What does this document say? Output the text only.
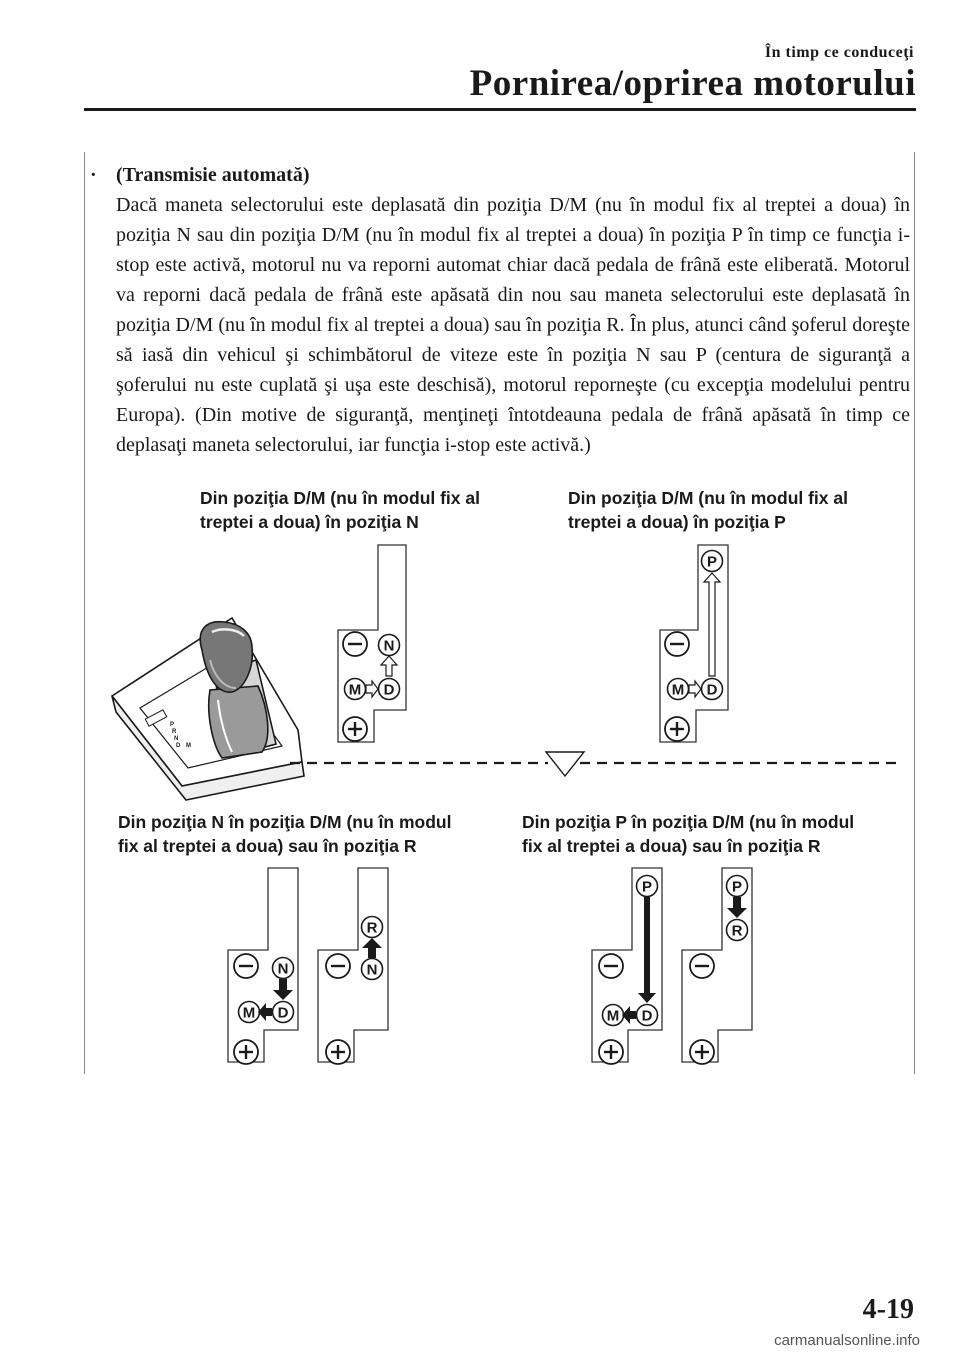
În timp ce conduceţi
Pornirea/oprirea motorului
· (Transmisie automată)
Dacă maneta selectorului este deplasată din poziţia D/M (nu în modul fix al treptei a doua) în poziţia N sau din poziţia D/M (nu în modul fix al treptei a doua) în poziţia P în timp ce funcţia i-stop este activă, motorul nu va reporni automat chiar dacă pedala de frână este eliberată. Motorul va reporni dacă pedala de frână este apăsată din nou sau maneta selectorului este deplasată în poziţia D/M (nu în modul fix al treptei a doua) sau în poziţia R. În plus, atunci când şoferul doreşte să iasă din vehicul şi schimbătorul de viteze este în poziţia N sau P (centura de siguranţă a şoferului nu este cuplată şi uşa este deschisă), motorul reporneşte (cu excepţia modelului pentru Europa). (Din motive de siguranţă, menţineţi întotdeauna pedala de frână apăsată în timp ce deplasaţi maneta selectorului, iar funcţia i-stop este activă.)
Din poziţia D/M (nu în modul fix al
treptei a doua) în poziţia N
Din poziţia D/M (nu în modul fix al
treptei a doua) în poziţia P
Din poziţia N în poziţia D/M (nu în modul
fix al treptei a doua) sau în poziţia R
Din poziţia P în poziţia D/M (nu în modul
fix al treptei a doua) sau în poziţia R
P
R
N
D M
N
D
M
P
D
M
N
D
M
R
N
P
D
M
P
R
4-19
carmanualsonline.info
